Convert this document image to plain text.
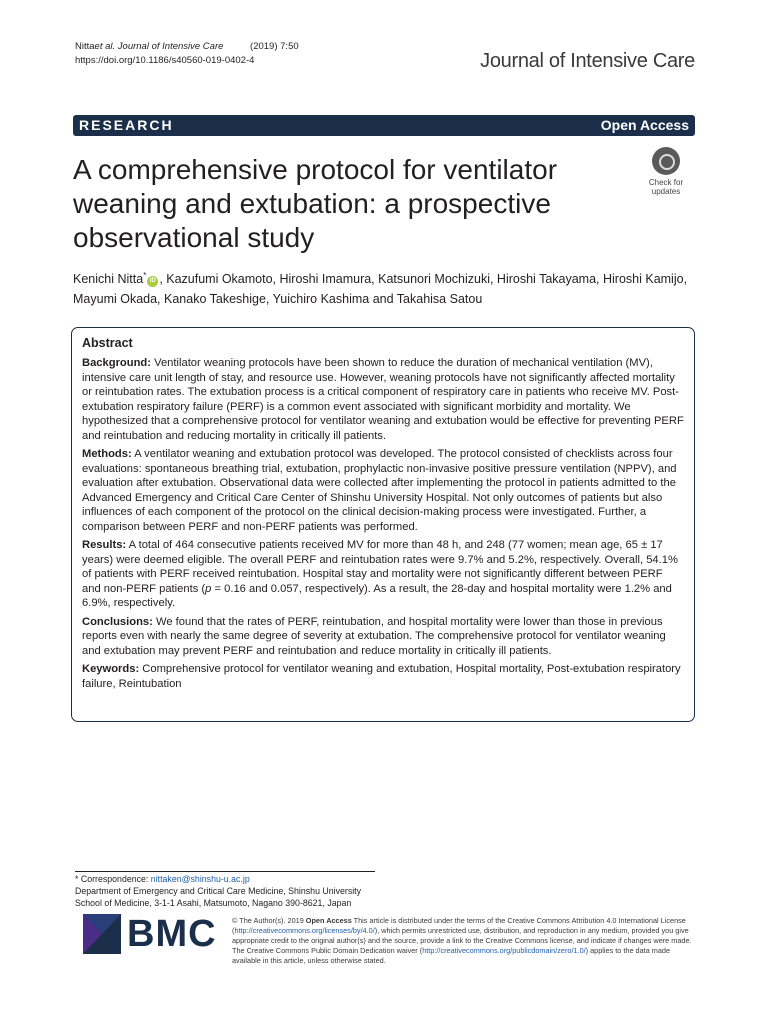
Nittaet al. Journal of Intensive Care	(2019) 7:50
https://doi.org/10.1186/s40560-019-0402-4	Journal of Intensive Care
RESEARCH	Open Access
A comprehensive protocol for ventilator weaning and extubation: a prospective observational study
Check for
updates
Kenichi Nitta*iD , Kazufumi Okamoto, Hiroshi Imamura, Katsunori Mochizuki, Hiroshi Takayama, Hiroshi Kamijo, Mayumi Okada, Kanako Takeshige, Yuichiro Kashima and Takahisa Satou
Abstract

Background: Ventilator weaning protocols have been shown to reduce the duration of mechanical ventilation (MV), intensive care unit length of stay, and resource use. However, weaning protocols have not significantly affected mortality or reintubation rates. The extubation process is a critical component of respiratory care in patients who receive MV. Post-extubation respiratory failure (PERF) is a common event associated with significant morbidity and mortality. We hypothesized that a comprehensive protocol for ventilator weaning and extubation would be effective for preventing PERF and reintubation and reducing mortality in critically ill patients.

Methods: A ventilator weaning and extubation protocol was developed. The protocol consisted of checklists across four evaluations: spontaneous breathing trial, extubation, prophylactic non-invasive positive pressure ventilation (NPPV), and evaluation after extubation. Observational data were collected after implementing the protocol in patients admitted to the Advanced Emergency and Critical Care Center of Shinshu University Hospital. Not only outcomes of patients but also influences of each component of the protocol on the clinical decision-making process were investigated. Further, a comparison between PERF and non-PERF patients was performed.

Results: A total of 464 consecutive patients received MV for more than 48 h, and 248 (77 women; mean age, 65 ± 17 years) were deemed eligible. The overall PERF and reintubation rates were 9.7% and 5.2%, respectively. Overall, 54.1% of patients with PERF received reintubation. Hospital stay and mortality were not significantly different between PERF and non-PERF patients (p = 0.16 and 0.057, respectively). As a result, the 28-day and hospital mortality were 1.2% and 6.9%, respectively.

Conclusions: We found that the rates of PERF, reintubation, and hospital mortality were lower than those in previous reports even with nearly the same degree of severity at extubation. The comprehensive protocol for ventilator weaning and extubation may prevent PERF and reintubation and reduce mortality in critically ill patients.

Keywords: Comprehensive protocol for ventilator weaning and extubation, Hospital mortality, Post-extubation respiratory failure, Reintubation

* Correspondence: nittaken@shinshu-u.ac.jp
Department of Emergency and Critical Care Medicine, Shinshu University
School of Medicine, 3-1-1 Asahi, Matsumoto, Nagano 390-8621, Japan
BMC © The Author(s). 2019 Open Access This article is distributed under the terms of the Creative Commons Attribution 4.0 International License (http://creativecommons.org/licenses/by/4.0/), which permits unrestricted use, distribution, and reproduction in any medium, provided you give appropriate credit to the original author(s) and the source, provide a link to the Creative Commons license, and indicate if changes were made. The Creative Commons Public Domain Dedication waiver (http://creativecommons.org/publicdomain/zero/1.0/) applies to the data made available in this article, unless otherwise stated.
